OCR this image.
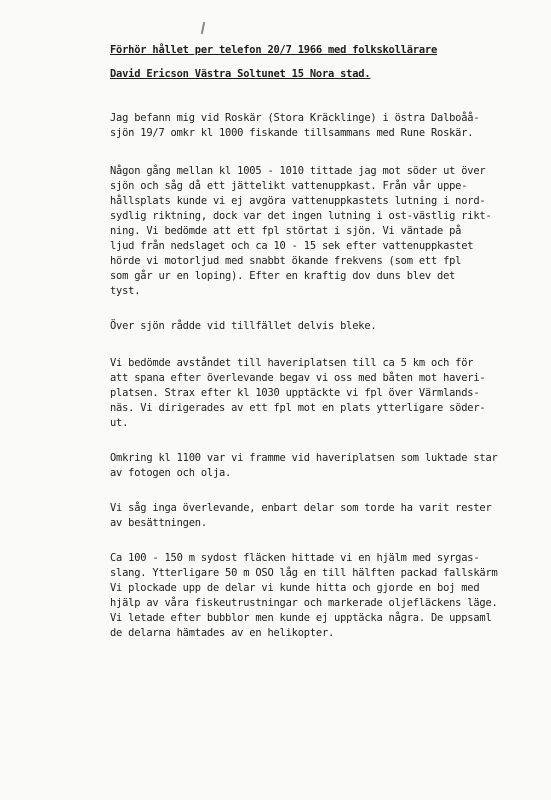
Förhör hållet per telefon 20/7 1966 med folkskollärare
David Ericson Västra Soltunet 15 Nora stad.
Jag befann mig vid Roskär (Stora Kräcklinge) i östra Dalboåå-
sjön 19/7 omkr kl 1000 fiskande tillsammans med Rune Roskär.
Någon gång mellan kl 1005 - 1010 tittade jag mot söder ut över
sjön och såg då ett jättelikt vattenuppkast. Från vår uppe-
hållsplats kunde vi ej avgöra vattenuppkastets lutning i nord-
sydlig riktning, dock var det ingen lutning i ost-västlig rikt-
ning. Vi bedömde att ett fpl störtat i sjön. Vi väntade på
ljud från nedslaget och ca 10 - 15 sek efter vattenuppkastet
hörde vi motorljud med snabbt ökande frekvens (som ett fpl
som går ur en loping). Efter en kraftig dov duns blev det
tyst.
Över sjön rådde vid tillfället delvis bleke.
Vi bedömde avståndet till haveriplatsen till ca 5 km och för
att spana efter överlevande begav vi oss med båten mot haveri-
platsen. Strax efter kl 1030 upptäckte vi fpl över Värmlands-
näs. Vi dirigerades av ett fpl mot en plats ytterligare söder-
ut.
Omkring kl 1100 var vi framme vid haveriplatsen som luktade star
av fotogen och olja.
Vi såg inga överlevande, enbart delar som torde ha varit rester
av besättningen.
Ca 100 - 150 m sydost fläcken hittade vi en hjälm med syrgas-
slang. Ytterligare 50 m OSO låg en till hälften packad fallskärm
Vi plockade upp de delar vi kunde hitta och gjorde en boj med
hjälp av våra fiskeutrustningar och markerade oljefläckens läge.
Vi letade efter bubblor men kunde ej upptäcka några. De uppsaml
de delarna hämtades av en helikopter.
